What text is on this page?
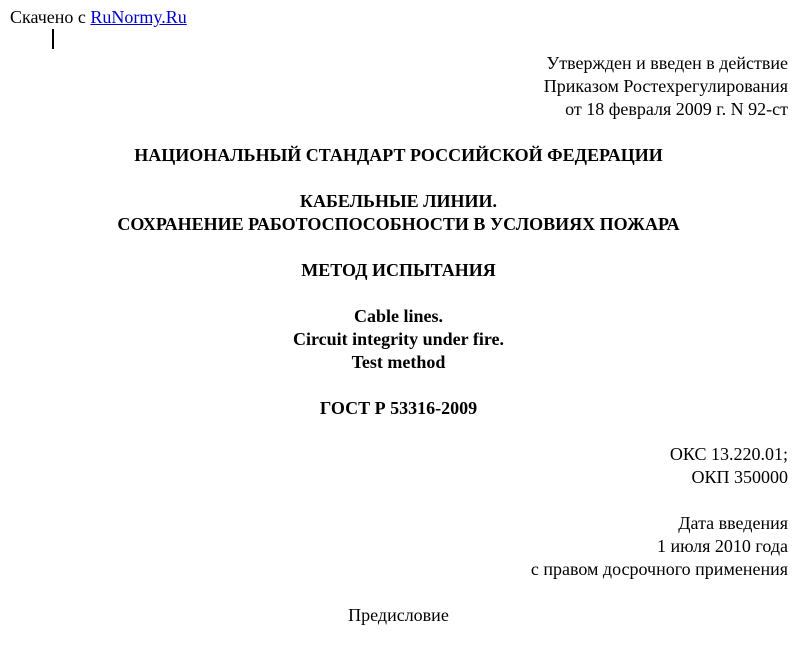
Скачено с RuNormy.Ru
Утвержден и введен в действие
Приказом Ростехрегулирования
от 18 февраля 2009 г. N 92-ст
НАЦИОНАЛЬНЫЙ СТАНДАРТ РОССИЙСКОЙ ФЕДЕРАЦИИ
КАБЕЛЬНЫЕ ЛИНИИ.
СОХРАНЕНИЕ РАБОТОСПОСОБНОСТИ В УСЛОВИЯХ ПОЖАРА
МЕТОД ИСПЫТАНИЯ
Cable lines.
Circuit integrity under fire.
Test method
ГОСТ Р 53316-2009
ОКС 13.220.01;
ОКП 350000
Дата введения
1 июля 2010 года
с правом досрочного применения
Предисловие
